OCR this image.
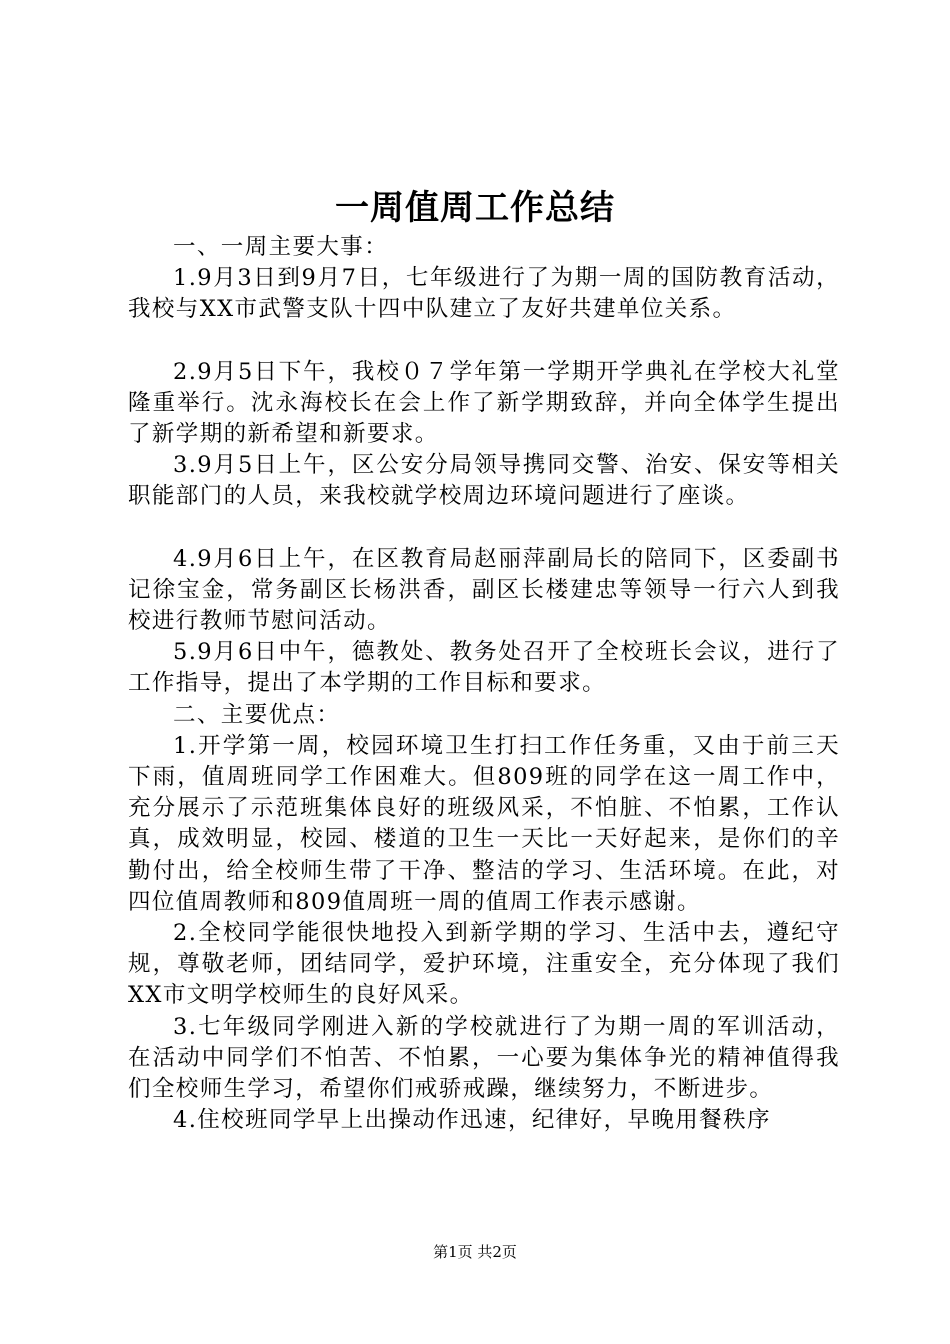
一周值周工作总结

一、一周主要大事：

1.9月3日到9月7日，七年级进行了为期一周的国防教育活动，我校与XX市武警支队十四中队建立了友好共建单位关系。

2.9月5日下午，我校０７学年第一学期开学典礼在学校大礼堂隆重举行。沈永海校长在会上作了新学期致辞，并向全体学生提出了新学期的新希望和新要求。

3.9月5日上午，区公安分局领导携同交警、治安、保安等相关职能部门的人员，来我校就学校周边环境问题进行了座谈。

4.9月6日上午，在区教育局赵丽萍副局长的陪同下，区委副书记徐宝金，常务副区长杨洪香，副区长楼建忠等领导一行六人到我校进行教师节慰问活动。

5.9月6日中午，德教处、教务处召开了全校班长会议，进行了工作指导，提出了本学期的工作目标和要求。

二、主要优点：

1.开学第一周，校园环境卫生打扫工作任务重，又由于前三天下雨，值周班同学工作困难大。但809班的同学在这一周工作中，充分展示了示范班集体良好的班级风采，不怕脏、不怕累，工作认真，成效明显，校园、楼道的卫生一天比一天好起来，是你们的辛勤付出，给全校师生带了干净、整洁的学习、生活环境。在此，对四位值周教师和809值周班一周的值周工作表示感谢。

2.全校同学能很快地投入到新学期的学习、生活中去，遵纪守规，尊敬老师，团结同学，爱护环境，注重安全，充分体现了我们XX市文明学校师生的良好风采。

3.七年级同学刚进入新的学校就进行了为期一周的军训活动，在活动中同学们不怕苦、不怕累，一心要为集体争光的精神值得我们全校师生学习，希望你们戒骄戒躁，继续努力，不断进步。

4.住校班同学早上出操动作迅速，纪律好，早晚用餐秩序

第1页 共2页
